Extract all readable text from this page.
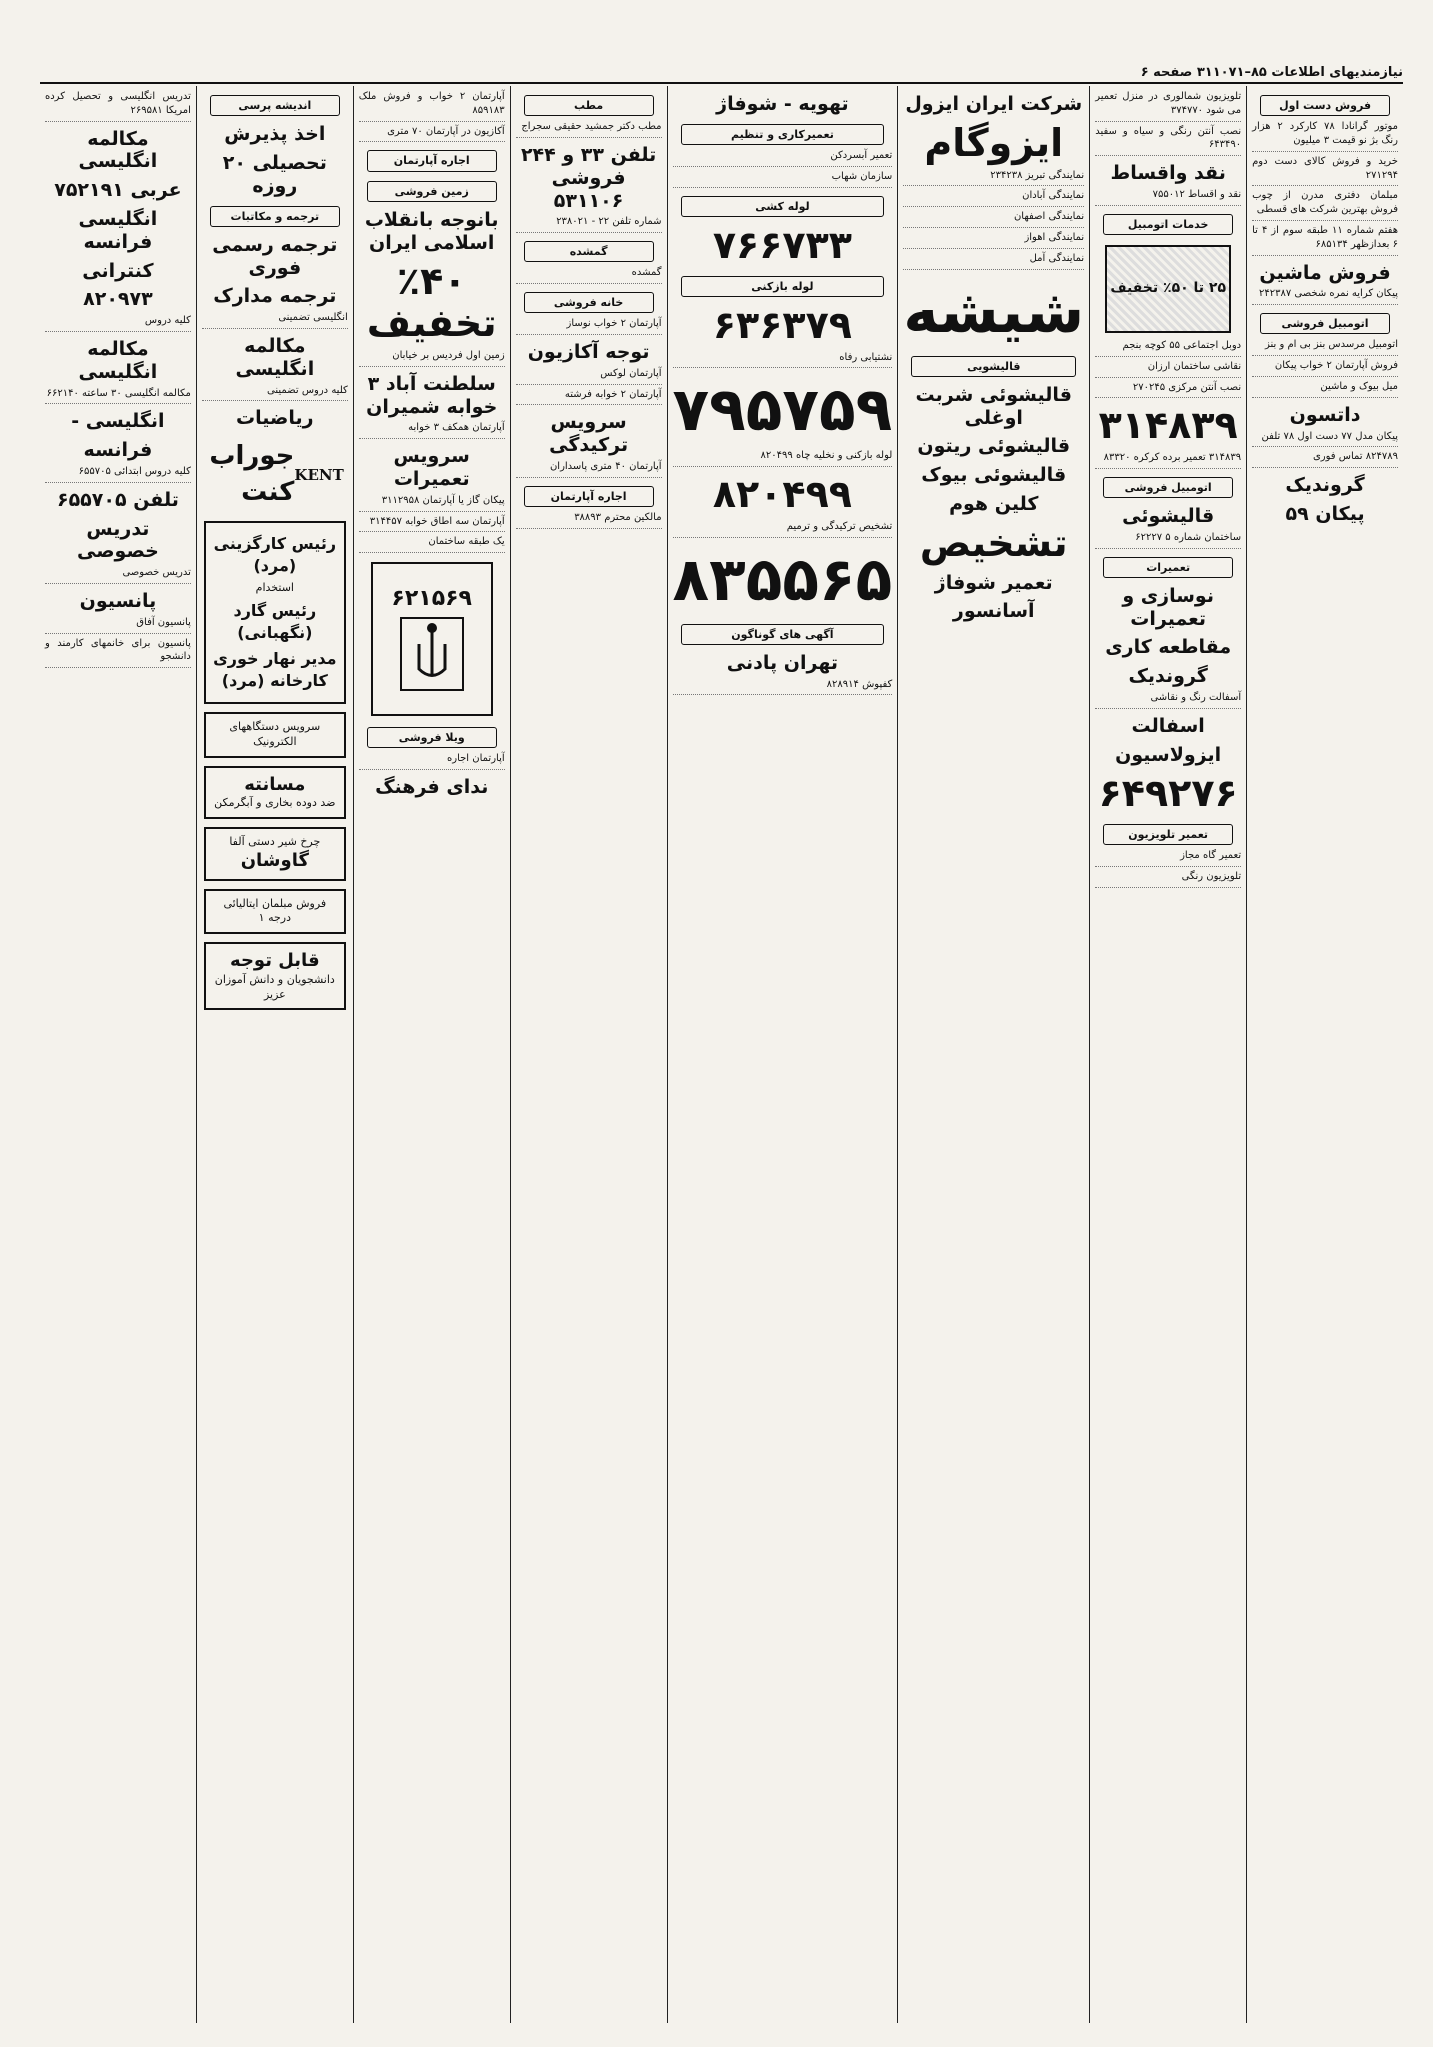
نیازمندیهای اطلاعات ۸۵–۳۱۱۰۷۱ صفحه ۶
فروش دست اول
موتور گرانادا ۷۸ کارکرد ۲ هزار رنگ بژ نو قیمت ۳ میلیون
خرید و فروش کالای دست دوم ۲۷۱۲۹۴
مبلمان دفتری مدرن از چوب فروش بهترین شرکت های قسطی
هفتم شماره ۱۱ طبقه سوم از ۴ تا ۶ بعدازظهر ۶۸۵۱۳۴
فروش ماشین
پیکان کرایه نمره شخصی ۲۴۲۳۸۷
اتومبیل فروشی
اتومبیل مرسدس بنز بی ام و بنز
فروش آپارتمان ۲ خواب پیکان
میل بیوک و ماشین
داتسون
پیکان مدل ۷۷ دست اول ۷۸ تلفن
۸۲۴۷۸۹ تماس فوری
گروندیک
پیکان ۵۹
تلویزیون شمالوری در منزل تعمیر می شود ۳۷۴۷۷۰
نصب آنتن رنگی و سیاه و سفید ۶۴۳۴۹۰
نقد واقساط
نقد و اقساط ۷۵۵۰۱۲
خدمات اتومبیل
۲۵ تا ۵۰٪ تخفیف
دوبل اجتماعی ۵۵ کوچه بنجم
نقاشی ساختمان ارزان
نصب آنتن مرکزی ۲۷۰۲۴۵
۳۱۴۸۳۹
۳۱۴۸۳۹ تعمیر برده کرکره ۸۳۳۲۰
اتومبیل فروشی
قالیشوئی
ساختمان شماره ۵ ۶۲۲۲۷
تعمیرات
نوسازی و تعمیرات
مقاطعه کاری
گروندیک
آسفالت رنگ و نقاشی
اسفالت
ایزولاسیون
۶۴۹۲۷۶
تعمیر تلویزیون
تعمیر گاه مجاز
تلویزیون رنگی
شرکت ایران ایزول
ایزوگام
نمایندگی تبریز ۲۳۴۲۳۸
نمایندگی آبادان
نمایندگی اصفهان
نمایندگی اهواز
نمایندگی آمل
شیشه
قالیشویی
قالیشوئی شربت اوغلی
قالیشوئی ریتون
قالیشوئی بیوک
کلین هوم
تشخیص
تعمیر شوفاژ
آسانسور
تهویه - شوفاژ
تعمیرکاری و تنظیم
تعمیر آبسردکن
سازمان شهاب
لوله کشی
۷۶۶۷۳۳
لوله بازکنی
۶۳۶۳۷۹
نشتیابی رفاه
۷۹۵۷۵۹
لوله بازکنی و نخلیه چاه ۸۲۰۴۹۹
۸۲۰۴۹۹
تشخیص ترکیدگی و ترمیم
۸۳۵۵۶۵
آگهی های گوناگون
تهران پادنی
کفپوش ۸۲۸۹۱۴
مطب
مطب دکتر جمشید حقیقی سجراج
تلفن ۳۳ و ۲۴۴ فروشی ۵۳۱۱۰۶
شماره تلفن ۲۲ - ۲۳۸۰۲۱
گمشده
گمشده
خانه فروشی
آپارتمان ۲ خواب نوساز
توجه آکازیون
آپارتمان لوکس
آپارتمان ۲ خوابه فرشته
سرویس ترکیدگی
آپارتمان ۴۰ متری پاسداران
اجاره آپارتمان
مالکین محترم ۳۸۸۹۳
آپارتمان ۲ خواب و فروش ملک ۸۵۹۱۸۳
آکازیون در آپارتمان ۷۰ متری
اجاره آپارتمان
زمین فروشی
بانوجه بانقلاب اسلامی ایران
٪۴۰ تخفیف
زمین اول فردیس بر خیابان
سلطنت آباد ۳ خوابه شمیران
آپارتمان همکف ۳ خوابه
سرویس تعمیرات
پیکان گاز یا آپارتمان ۳۱۱۲۹۵۸
آپارتمان سه اطاق خوابه ۳۱۴۴۵۷
یک طبقه ساختمان
۶۲۱۵۶۹
ویلا فروشی
آپارتمان اجاره
ندای فرهنگ
اندیشه پرسی
اخذ پذیرش
تحصیلی ۲۰ روزه
ترجمه و مکاتبات
ترجمه رسمی فوری
ترجمه مدارک
انگلیسی تضمینی
مکالمه انگلیسی
کلیه دروس تضمینی
ریاضیات
KENT
جوراب کنت
رئیس کارگزینی (مرد)
استخدام
رئیس گارد (نگهبانی)
مدیر نهار خوری کارخانه (مرد)
سرویس دستگاههای الکترونیک
مسانته
ضد دوده بخاری و آبگرمکن
چرخ شیر دستی آلفا
گاوشان
فروش مبلمان ایتالیائی درجه ۱
قابل توجه
دانشجویان و دانش آموزان عزیز
تدریس انگلیسی و تحصیل کرده امریکا ۲۶۹۵۸۱
مکالمه انگلیسی
عربی ۷۵۲۱۹۱
انگلیسی فرانسه
کنترانی
۸۲۰۹۷۳
کلیه دروس
مکالمه انگلیسی
مکالمه انگلیسی ۳۰ ساعته ۶۶۲۱۴۰
انگلیسی -
فرانسه
کلیه دروس ابتدائی ۶۵۵۷۰۵
تلفن ۶۵۵۷۰۵
تدریس خصوصی
تدریس خصوصی
پانسیون
پانسیون آفاق
پانسیون برای خانمهای کارمند و دانشجو
